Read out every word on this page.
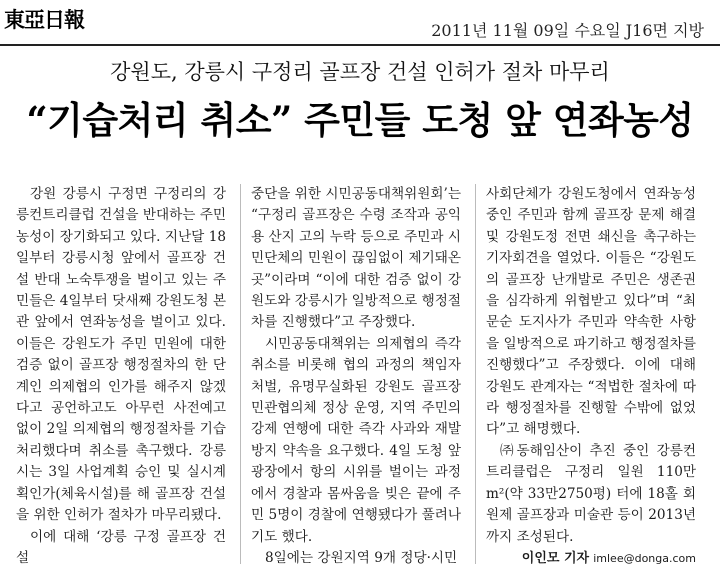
東亞日報	2011년 11월 09일 수요일 J16면 지방
강원도, 강릉시 구정리 골프장 건설 인허가 절차 마무리
“기습처리 취소” 주민들 도청 앞 연좌농성

강원 강릉시 구정면 구정리의 강릉컨트리클럽 건설을 반대하는 주민 농성이 장기화되고 있다. 지난달 18일부터 강릉시청 앞에서 골프장 건설 반대 노숙투쟁을 벌이고 있는 주민들은 4일부터 닷새째 강원도청 본관 앞에서 연좌농성을 벌이고 있다. 이들은 강원도가 주민 민원에 대한 검증 없이 골프장 행정절차의 한 단계인 의제협의 인가를 해주지 않겠다고 공언하고도 아무런 사전예고 없이 2일 의제협의 행정절차를 기습처리했다며 취소를 촉구했다. 강릉시는 3일 사업계획 승인 및 실시계획인가(체육시설)를 해 골프장 건설을 위한 인허가 절차가 마무리됐다.

이에 대해 ‘강릉 구정 골프장 건설

중단을 위한 시민공동대책위원회’는 “구정리 골프장은 수령 조작과 공익용 산지 고의 누락 등으로 주민과 시민단체의 민원이 끊임없이 제기돼온 곳”이라며 “이에 대한 검증 없이 강원도와 강릉시가 일방적으로 행정절차를 진행했다”고 주장했다.

시민공동대책위는 의제협의 즉각 취소를 비롯해 협의 과정의 책임자 처벌, 유명무실화된 강원도 골프장 민관협의체 정상 운영, 지역 주민의 강제 연행에 대한 즉각 사과와 재발 방지 약속을 요구했다. 4일 도청 앞 광장에서 항의 시위를 벌이는 과정에서 경찰과 몸싸움을 빚은 끝에 주민 5명이 경찰에 연행됐다가 풀려나기도 했다.

8일에는 강원지역 9개 정당·시민

사회단체가 강원도청에서 연좌농성 중인 주민과 함께 골프장 문제 해결 및 강원도정 전면 쇄신을 촉구하는 기자회견을 열었다. 이들은 “강원도의 골프장 난개발로 주민은 생존권을 심각하게 위협받고 있다”며 “최문순 도지사가 주민과 약속한 사항을 일방적으로 파기하고 행정절차를 진행했다”고 주장했다. 이에 대해 강원도 관계자는 “적법한 절차에 따라 행정절차를 진행할 수밖에 없었다”고 해명했다.

㈜동해임산이 추진 중인 강릉컨트리클럽은 구정리 일원 110만 m²(약 33만2750평) 터에 18홀 회원제 골프장과 미술관 등이 2013년까지 조성된다.

이인모 기자 imlee@donga.com
